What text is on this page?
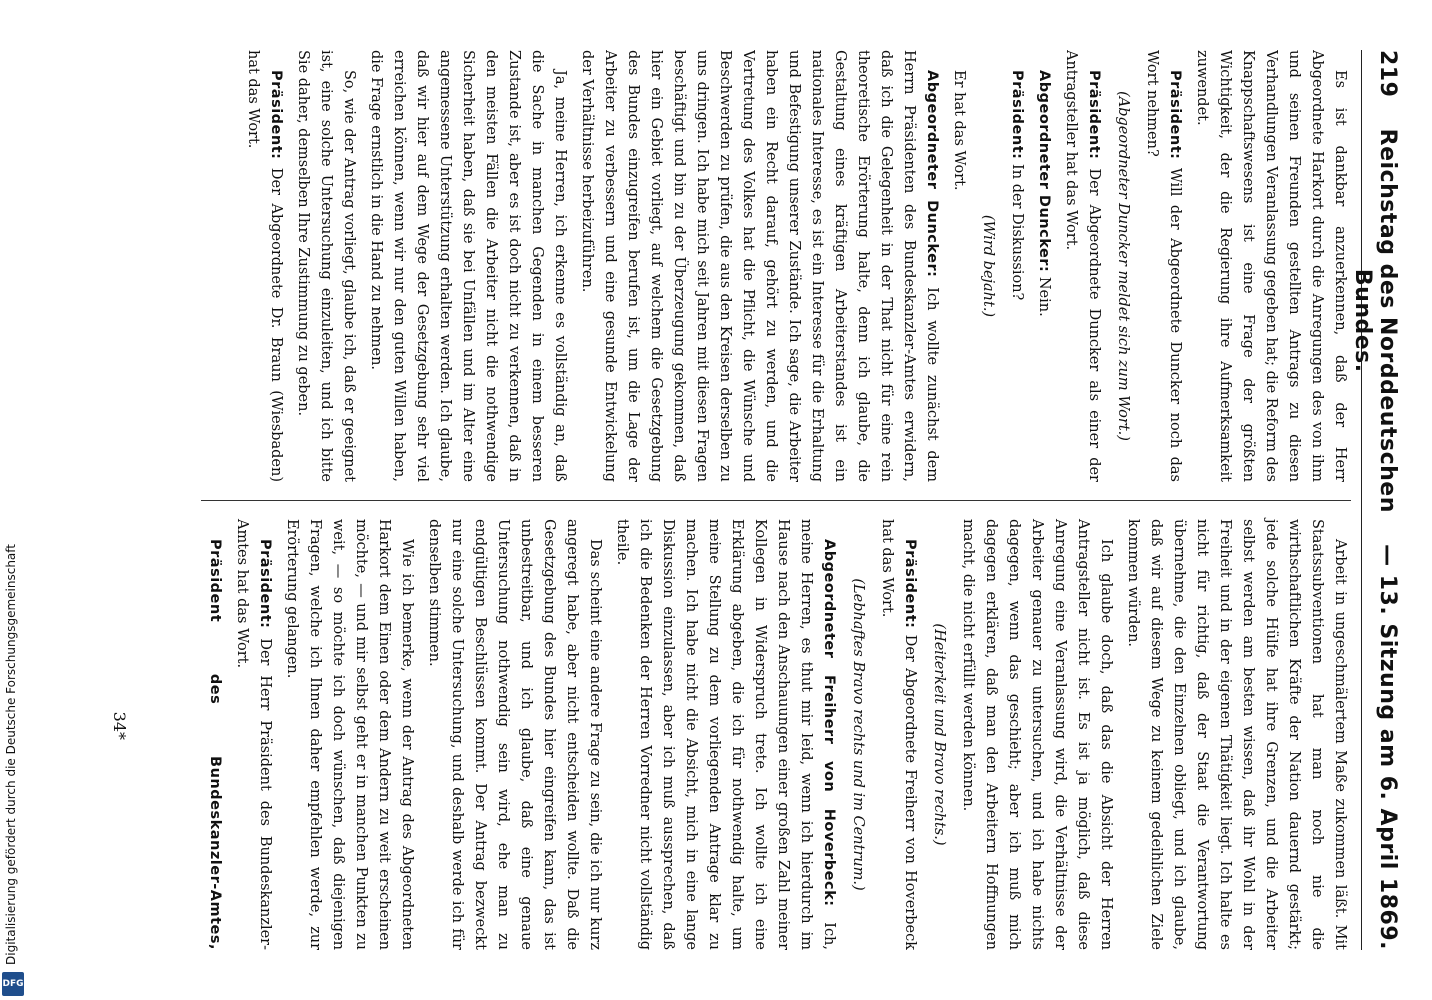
219
Reichstag des Norddeutschen Bundes.
— 13. Sitzung am 6. April 1869.

Es ist dankbar anzuerkennen, daß der Herr Abgeordnete Harkort durch die Anregungen des von ihm und seinen Freunden gestellten Antrags zu diesen Verhandlungen Veranlassung gegeben hat; die Reform des Knappschaftswesens ist eine Frage der größten Wichtigkeit, der die Regierung ihre Aufmerksamkeit zuwendet.

Präsident: Will der Abgeordnete Duncker noch das Wort nehmen?

(Abgeordneter Duncker meldet sich zum Wort.)

Präsident: Der Abgeordnete Duncker als einer der Antragsteller hat das Wort.

Abgeordneter Duncker: Nein.

Präsident: In der Diskussion?

(Wird bejaht.)

Er hat das Wort.

Abgeordneter Duncker: Ich wollte zunächst dem Herrn Präsidenten des Bundeskanzler-Amtes erwidern, daß ich die Gelegenheit in der That nicht für eine rein theoretische Erörterung halte, denn ich glaube, die Gestaltung eines kräftigen Arbeiterstandes ist ein nationales Interesse, es ist ein Interesse für die Erhaltung und Befestigung unserer Zustände. Ich sage, die Arbeiter haben ein Recht darauf, gehört zu werden, und die Vertretung des Volkes hat die Pflicht, die Wünsche und Beschwerden zu prüfen, die aus den Kreisen derselben zu uns dringen. Ich habe mich seit Jahren mit diesen Fragen beschäftigt und bin zu der Überzeugung gekommen, daß hier ein Gebiet vorliegt, auf welchem die Gesetzgebung des Bundes einzugreifen berufen ist, um die Lage der Arbeiter zu verbessern und eine gesunde Entwickelung der Verhältnisse herbeizuführen.

Ja, meine Herren, ich erkenne es vollständig an, daß die Sache in manchen Gegenden in einem besseren Zustande ist, aber es ist doch nicht zu verkennen, daß in den meisten Fällen die Arbeiter nicht die nothwendige Sicherheit haben, daß sie bei Unfällen und im Alter eine angemessene Unterstützung erhalten werden. Ich glaube, daß wir hier auf dem Wege der Gesetzgebung sehr viel erreichen können, wenn wir nur den guten Willen haben, die Frage ernstlich in die Hand zu nehmen.

So, wie der Antrag vorliegt, glaube ich, daß er geeignet ist, eine solche Untersuchung einzuleiten, und ich bitte Sie daher, demselben Ihre Zustimmung zu geben.

Präsident: Der Abgeordnete Dr. Braun (Wiesbaden) hat das Wort.

Arbeit in ungeschmälertem Maße zukommen läßt. Mit Staatssubventionen hat man noch nie die wirthschaftlichen Kräfte der Nation dauernd gestärkt; jede solche Hülfe hat ihre Grenzen, und die Arbeiter selbst werden am besten wissen, daß ihr Wohl in der Freiheit und in der eigenen Thätigkeit liegt. Ich halte es nicht für richtig, daß der Staat die Verantwortung übernehme, die den Einzelnen obliegt, und ich glaube, daß wir auf diesem Wege zu keinem gedeihlichen Ziele kommen würden.

Ich glaube doch, daß das die Absicht der Herren Antragsteller nicht ist. Es ist ja möglich, daß diese Anregung eine Veranlassung wird, die Verhältnisse der Arbeiter genauer zu untersuchen, und ich habe nichts dagegen, wenn das geschieht; aber ich muß mich dagegen erklären, daß man den Arbeitern Hoffnungen macht, die nicht erfüllt werden können.

(Heiterkeit und Bravo rechts.)

Präsident: Der Abgeordnete Freiherr von Hoverbeck hat das Wort.

(Lebhaftes Bravo rechts und im Centrum.)

Abgeordneter Freiherr von Hoverbeck: Ich, meine Herren, es thut mir leid, wenn ich hierdurch im Hause nach den Anschauungen einer großen Zahl meiner Kollegen in Widerspruch trete. Ich wollte ich eine Erklärung abgeben, die ich für nothwendig halte, um meine Stellung zu dem vorliegenden Antrage klar zu machen. Ich habe nicht die Absicht, mich in eine lange Diskussion einzulassen, aber ich muß aussprechen, daß ich die Bedenken der Herren Vorredner nicht vollständig theile.

Das scheint eine andere Frage zu sein, die ich nur kurz angeregt habe, aber nicht entscheiden wollte. Daß die Gesetzgebung des Bundes hier eingreifen kann, das ist unbestreitbar, und ich glaube, daß eine genaue Untersuchung nothwendig sein wird, ehe man zu endgültigen Beschlüssen kommt. Der Antrag bezweckt nur eine solche Untersuchung, und deshalb werde ich für denselben stimmen.

Wie ich bemerke, wenn der Antrag des Abgeordneten Harkort dem Einen oder dem Andern zu weit erscheinen möchte, — und mir selbst geht er in manchen Punkten zu weit, — so möchte ich doch wünschen, daß diejenigen Fragen, welche ich Ihnen daher empfehlen werde, zur Erörterung gelangen.

Präsident: Der Herr Präsident des Bundeskanzler-Amtes hat das Wort.

Präsident des Bundeskanzler-Amtes,

34*
Digitalisierung gefördert durch die Deutsche Forschungsgemeinschaft
DFG
